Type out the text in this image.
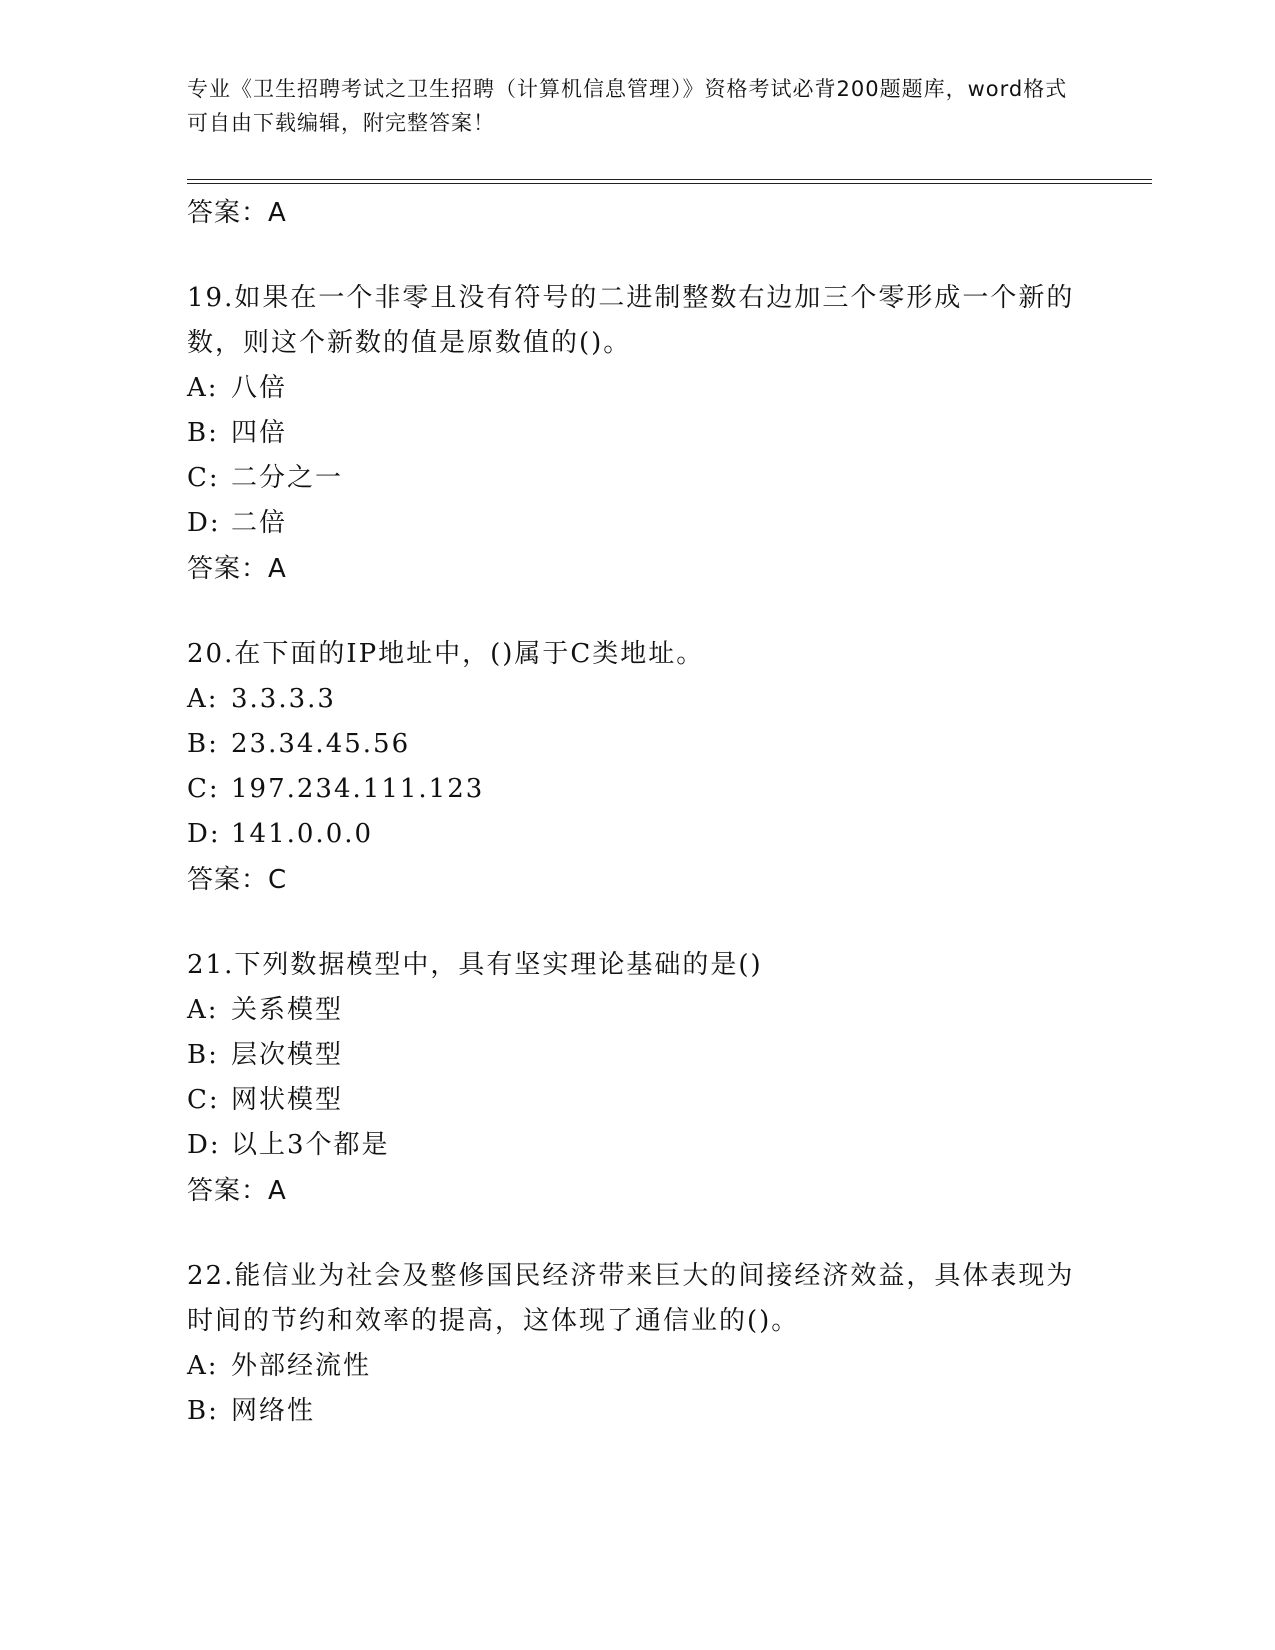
专业《卫生招聘考试之卫生招聘（计算机信息管理）》资格考试必背200题题库，word格式可自由下载编辑，附完整答案！
答案：A
19.如果在一个非零且没有符号的二进制整数右边加三个零形成一个新的数，则这个新数的值是原数值的()。
A: 八倍
B: 四倍
C: 二分之一
D: 二倍
答案：A
20.在下面的IP地址中，()属于C类地址。
A: 3.3.3.3
B: 23.34.45.56
C: 197.234.111.123
D: 141.0.0.0
答案：C
21.下列数据模型中，具有坚实理论基础的是()
A: 关系模型
B: 层次模型
C: 网状模型
D: 以上3个都是
答案：A
22.能信业为社会及整修国民经济带来巨大的间接经济效益，具体表现为时间的节约和效率的提高，这体现了通信业的()。
A: 外部经流性
B: 网络性
